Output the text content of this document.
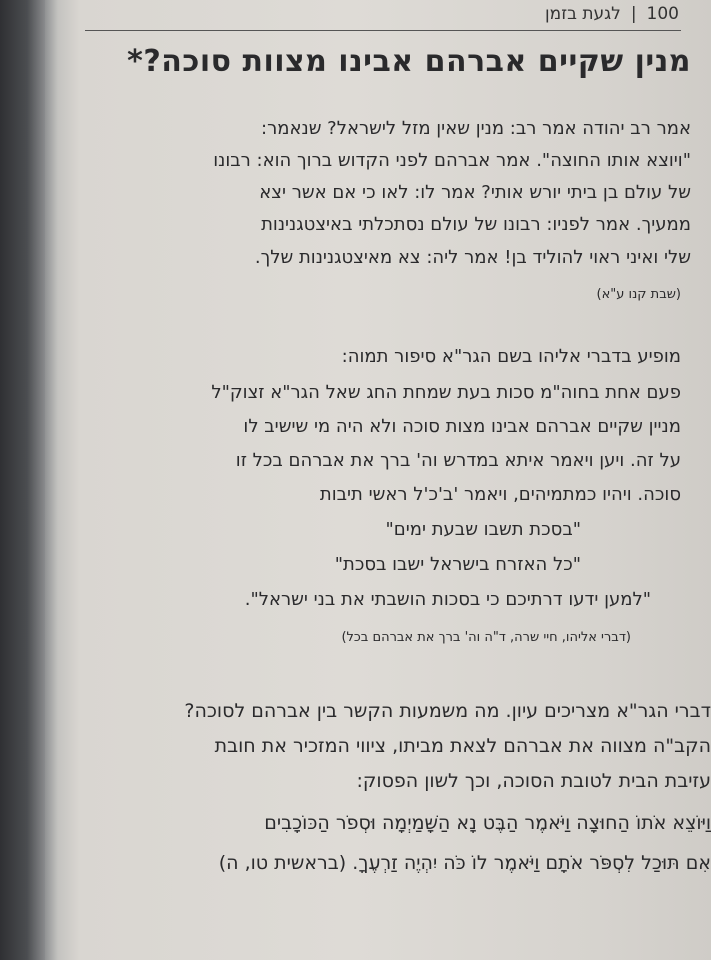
100|לגעת בזמן
מנין שקיים אברהם אבינו מצוות סוכה?*
אמר רב יהודה אמר רב: מנין שאין מזל לישראל? שנאמר:
"ויוצא אותו החוצה". אמר אברהם לפני הקדוש ברוך הוא: רבונו
של עולם בן ביתי יורש אותי? אמר לו: לאו כי אם אשר יצא
ממעיך. אמר לפניו: רבונו של עולם נסתכלתי באיצטגנינות
שלי ואיני ראוי להוליד בן! אמר ליה: צא מאיצטגנינות שלך.
(שבת קנו ע"א)
מופיע בדברי אליהו בשם הגר"א סיפור תמוה:
פעם אחת בחוה"מ סכות בעת שמחת החג שאל הגר"א זצוק"ל
מניין שקיים אברהם אבינו מצות סוכה ולא היה מי שישיב לו
על זה. ויען ויאמר איתא במדרש וה' ברך את אברהם בכל זו
סוכה. ויהיו כמתמיהים, ויאמר 'ב'כ'ל ראשי תיבות
"בסכת תשבו שבעת ימים"
"כל האזרח בישראל ישבו בסכת"
"למען ידעו דרתיכם כי בסכות הושבתי את בני ישראל".
(דברי אליהו, חיי שרה, ד"ה וה' ברך את אברהם בכל)
דברי הגר"א מצריכים עיון. מה משמעות הקשר בין אברהם לסוכה?
הקב"ה מצווה את אברהם לצאת מביתו, ציווי המזכיר את חובת
עזיבת הבית לטובת הסוכה, וכך לשון הפסוק:
וַיּוֹצֵא אֹתוֹ הַחוּצָה וַיֹּאמֶר הַבֶּט נָא הַשָּׁמַיְמָה וּסְפֹר הַכּוֹכָבִים
אִם תּוּכַל לִסְפֹּר אֹתָם וַיֹּאמֶר לוֹ כֹּה יִהְיֶה זַרְעֶךָ. (בראשית טו, ה)
